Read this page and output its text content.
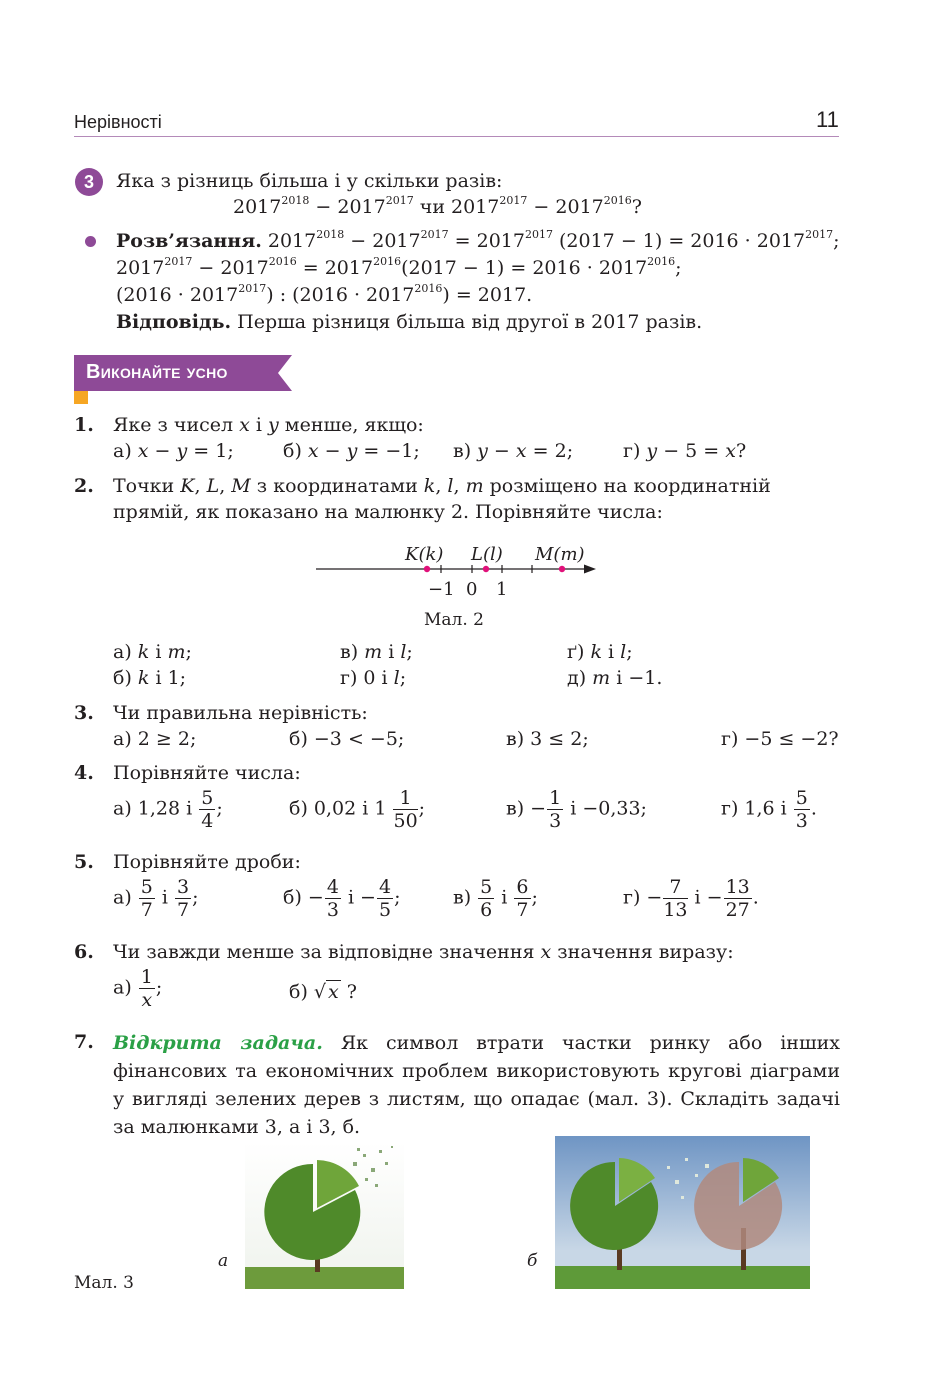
Нерівності	11
3	Яка з різниць більша і у скільки разів:
$2017^{2018} - 2017^{2017}$ чи $2017^{2017} - 2017^{2016}$?
Розв’язання. $2017^{2018} - 2017^{2017} = 2017^{2017}$ $(2017 - 1) = 2016 \cdot 2017^{2017}$;
$2017^{2017} - 2017^{2016} = 2017^{2016}(2017 - 1) = 2016 \cdot 2017^{2016}$;
$(2016 \cdot 2017^{2017})$ : $(2016 \cdot 2017^{2016}) = 2017$.
Відповідь. Перша різниця більша від другої в 2017 разів.
Виконайте усно
1. Яке з чисел x і y менше, якщо:
а) x − y = 1;	б) x − y = −1; в) y − x = 2;	г) y − 5 = x?
2. Точки K, L, M з координатами k, l, m розміщено на координатній
прямій, як показано на малюнку 2. Порівняйте числа:
K(k) L(l) M(m)
−1 0 1
Мал. 2
а) k і m;	в) m і l;	ґ) k і l;
б) k і 1;	г) 0 і l;	д) m і −1.
3. Чи правильна нерівність:
а) 2 ≥ 2;	б) −3 < −5;	в) 3 ≤ 2;	г) −5 ≤ −2?
4. Порівняйте числа:
а) 1,28 і $\frac{5}{4}$ ;	б) 0,02 і $1 \frac{1}{50}$ ;	$в) - \frac{1}{3}$ і −0,33;	г) 1,6 і $\frac{5}{3}$ .
5. Порівняйте дроби:
$а) \frac{5}{7}$ і $\frac{3}{7}$ ;	$б) - \frac{4}{3}$ $і - \frac{4}{5}$ ;	$в) \frac{5}{6}$ і $\frac{6}{7}$ ;	$г) - \frac{7}{13}$ $і - \frac{13}{27}$ .
6. Чи завжди менше за відповідне значення x значення виразу:
$а) \frac{1}{x}$ ;	б) √ x ?
7. Відкрита задача. Як символ втрати частки ринку або інших фінансових та економічних проблем використовують кругові діаграми у вигляді зелених дерев з листям, що опадає (мал. 3). Складіть задачі за малюнками 3, а і 3, б.
а	б
Мал. 3
